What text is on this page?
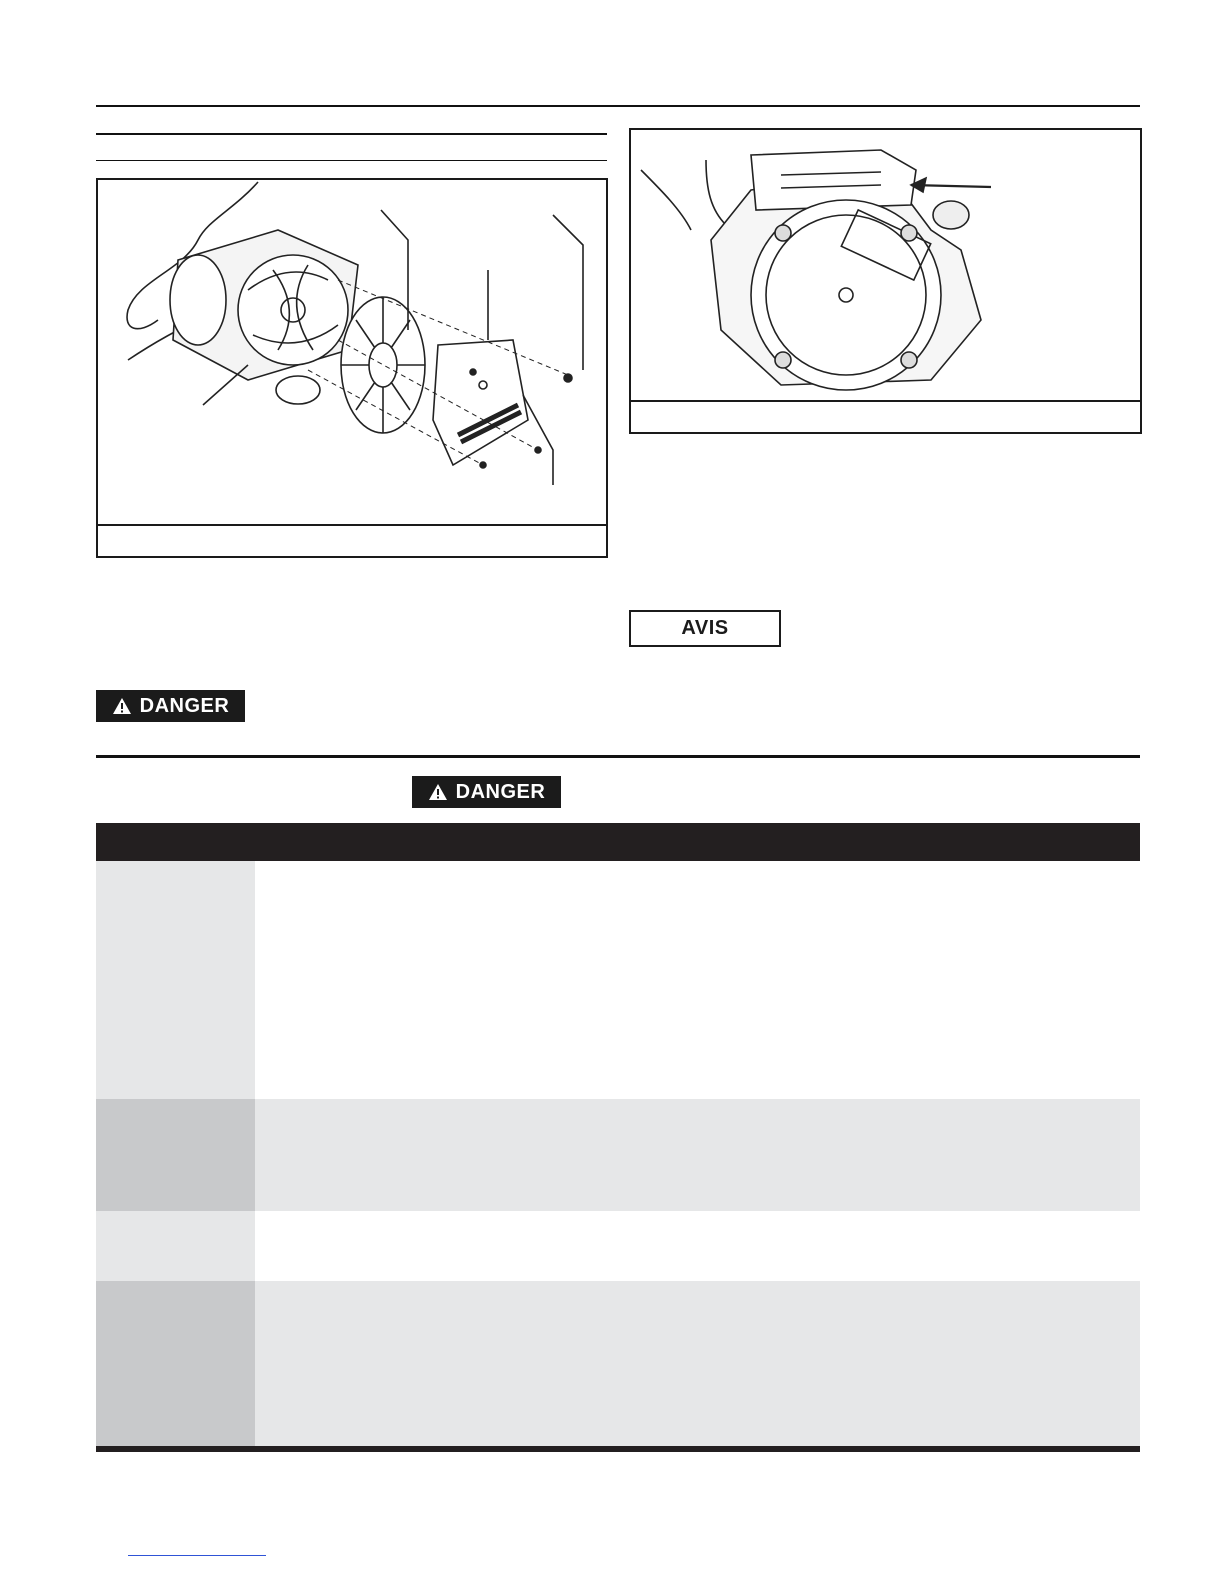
AVIS
DANGER
DANGER
